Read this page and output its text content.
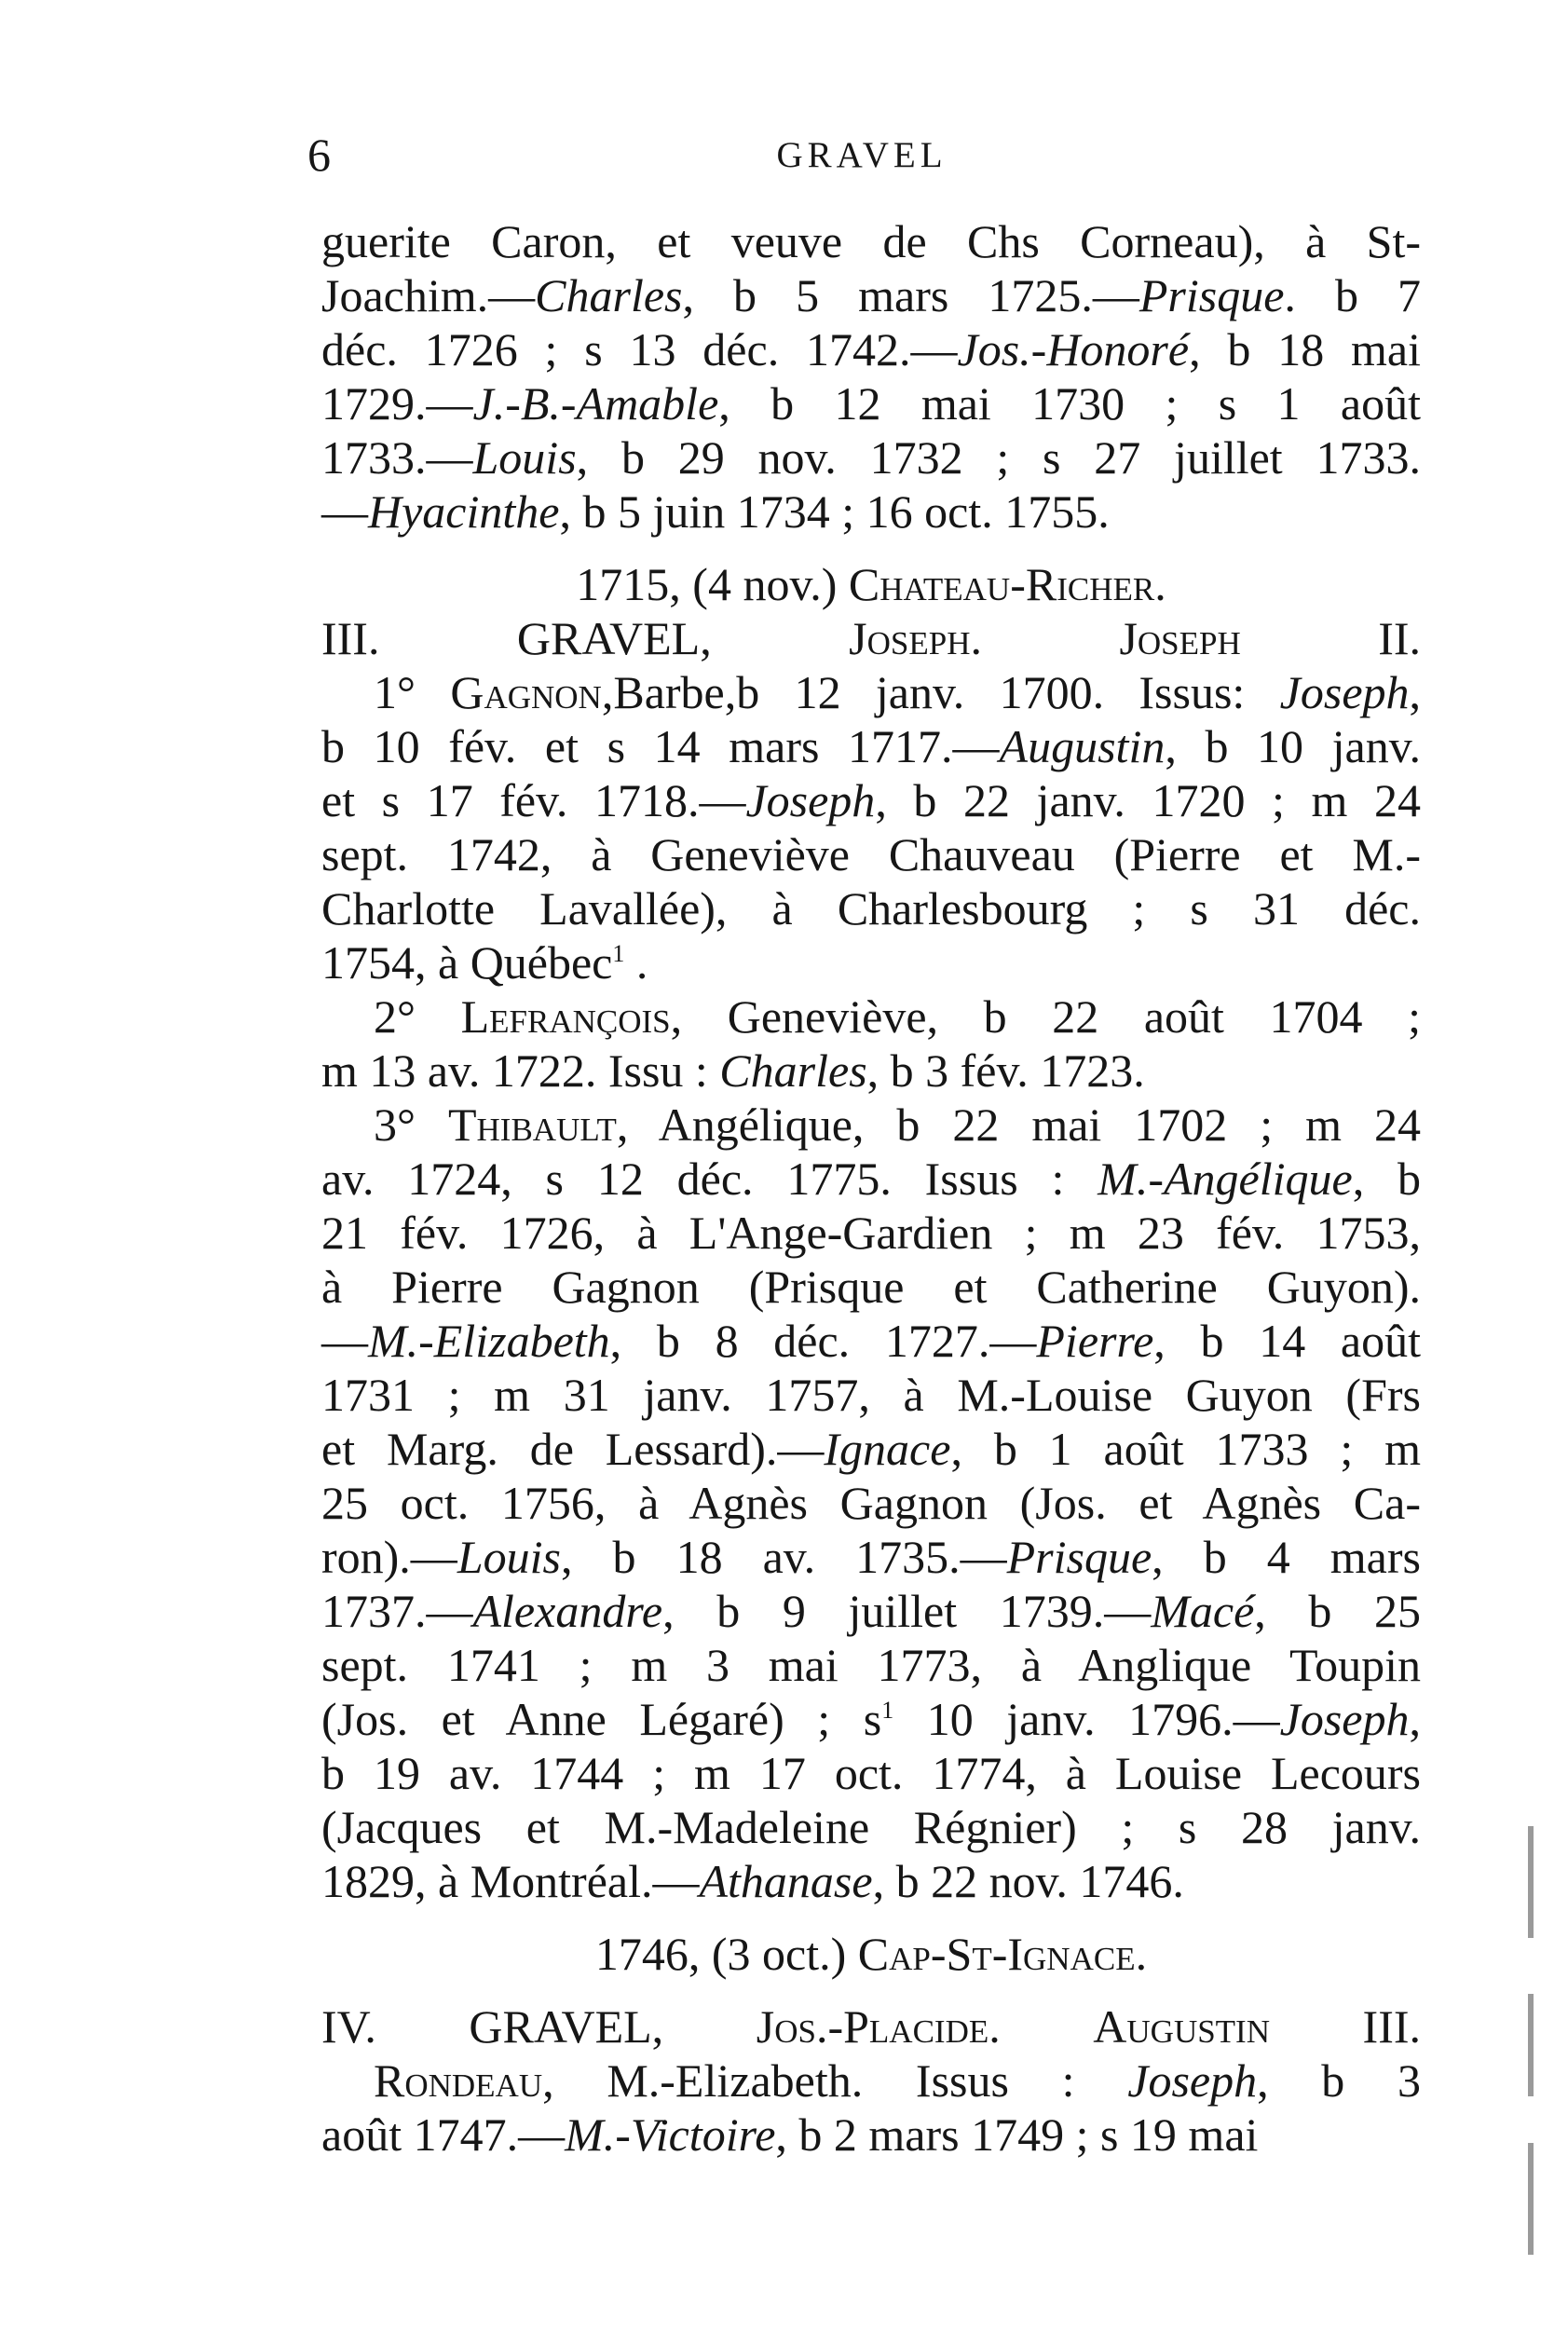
6	GRAVEL
guerite Caron, et veuve de Chs Corneau), à St-
Joachim.—Charles, b 5 mars 1725.—Prisque. b 7
déc. 1726 ; s 13 déc. 1742.—Jos.-Honoré, b 18 mai
1729.—J.-B.-Amable, b 12 mai 1730 ; s 1 août
1733.—Louis, b 29 nov. 1732 ; s 27 juillet 1733.
—Hyacinthe, b 5 juin 1734 ; 16 oct. 1755.
1715, (4 nov.) Chateau-Richer.
III. GRAVEL, Joseph.	Joseph II.
1° Gagnon,Barbe,b 12 janv. 1700. Issus: Joseph,
b 10 fév. et s 14 mars 1717.—Augustin, b 10 janv.
et s 17 fév. 1718.—Joseph, b 22 janv. 1720 ; m 24
sept. 1742, à Geneviève Chauveau (Pierre et M.-
Charlotte Lavallée), à Charlesbourg ; s 31 déc.
1754, à Québec$^1$ .
2° Lefrançois, Geneviève, b 22 août 1704 ;
m 13 av. 1722. Issu : Charles, b 3 fév. 1723.
3° Thibault, Angélique, b 22 mai 1702 ; m 24
av. 1724, s 12 déc. 1775. Issus : M.-Angélique, b
21 fév. 1726, à L'Ange-Gardien ; m 23 fév. 1753,
à Pierre Gagnon (Prisque et Catherine Guyon).
—M.-Elizabeth, b 8 déc. 1727.—Pierre, b 14 août
1731 ; m 31 janv. 1757, à M.-Louise Guyon (Frs
et Marg. de Lessard).—Ignace, b 1 août 1733 ; m
25 oct. 1756, à Agnès Gagnon (Jos. et Agnès Ca-
ron).—Louis, b 18 av. 1735.—Prisque, b 4 mars
1737.—Alexandre, b 9 juillet 1739.—Macé, b 25
sept. 1741 ; m 3 mai 1773, à Anglique Toupin
(Jos. et Anne Légaré) ; $s^1$ 10 janv. 1796.—Joseph,
b 19 av. 1744 ; m 17 oct. 1774, à Louise Lecours
(Jacques et M.-Madeleine Régnier) ; s 28 janv.
1829, à Montréal.—Athanase, b 22 nov. 1746.
1746, (3 oct.) Cap-St-Ignace.
IV. GRAVEL, Jos.-Placide. Augustin III.
Rondeau, M.-Elizabeth. Issus : Joseph, b 3
août 1747.—M.-Victoire, b 2 mars 1749 ; s 19 mai
